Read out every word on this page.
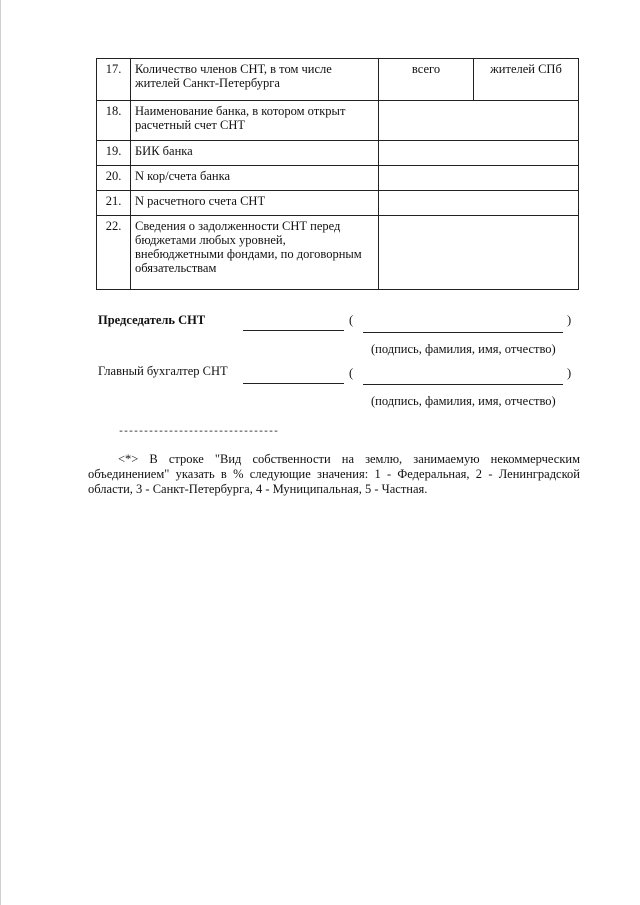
17.	Количество членов СНТ, в том числе жителей Санкт-Петербурга	всего	жителей СПб
18.	Наименование банка, в котором открыт расчетный счет СНТ		
19.	БИК банка		
20.	N кор/счета банка		
21.	N расчетного счета СНТ		
22.	Сведения о задолженности СНТ перед бюджетами любых уровней, внебюджетными фондами, по договорным обязательствам		
Председатель СНТ	(	)
(подпись, фамилия, имя, отчество)
Главный бухгалтер СНТ	(	)
(подпись, фамилия, имя, отчество)
--------------------------------
<*> В строке "Вид собственности на землю, занимаемую некоммерческим объединением" указать в % следующие значения: 1 - Федеральная, 2 - Ленинградской области, 3 - Санкт-Петербурга, 4 - Муниципальная, 5 - Частная.
